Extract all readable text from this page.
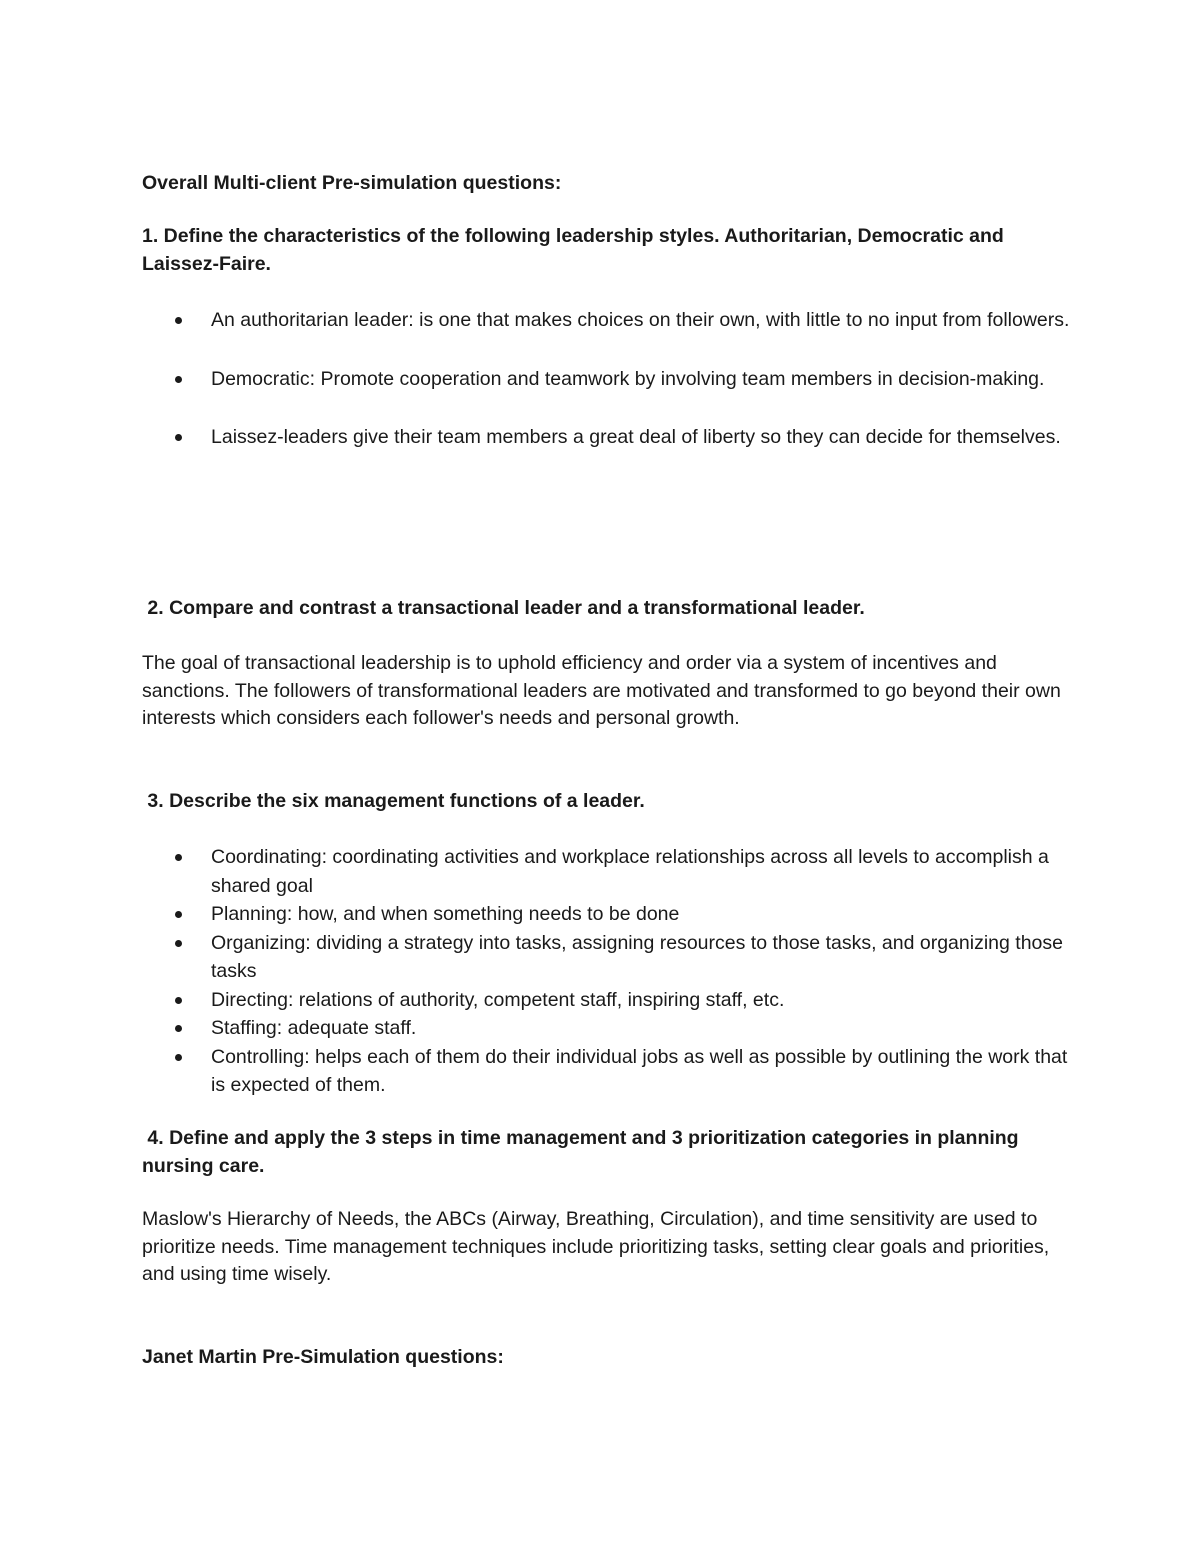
Overall Multi-client Pre-simulation questions:

1. Define the characteristics of the following leadership styles. Authoritarian, Democratic and Laissez-Faire.

An authoritarian leader: is one that makes choices on their own, with little to no input from followers.
Democratic: Promote cooperation and teamwork by involving team members in decision-making.
Laissez-leaders give their team members a great deal of liberty so they can decide for themselves.

2. Compare and contrast a transactional leader and a transformational leader.

The goal of transactional leadership is to uphold efficiency and order via a system of incentives and sanctions. The followers of transformational leaders are motivated and transformed to go beyond their own interests which considers each follower's needs and personal growth.

3. Describe the six management functions of a leader.

Coordinating: coordinating activities and workplace relationships across all levels to accomplish a shared goal
Planning: how, and when something needs to be done
Organizing: dividing a strategy into tasks, assigning resources to those tasks, and organizing those tasks
Directing: relations of authority, competent staff, inspiring staff, etc.
Staffing: adequate staff.
Controlling: helps each of them do their individual jobs as well as possible by outlining the work that is expected of them.

4. Define and apply the 3 steps in time management and 3 prioritization categories in planning nursing care.

Maslow's Hierarchy of Needs, the ABCs (Airway, Breathing, Circulation), and time sensitivity are used to prioritize needs. Time management techniques include prioritizing tasks, setting clear goals and priorities, and using time wisely.

Janet Martin Pre-Simulation questions:
